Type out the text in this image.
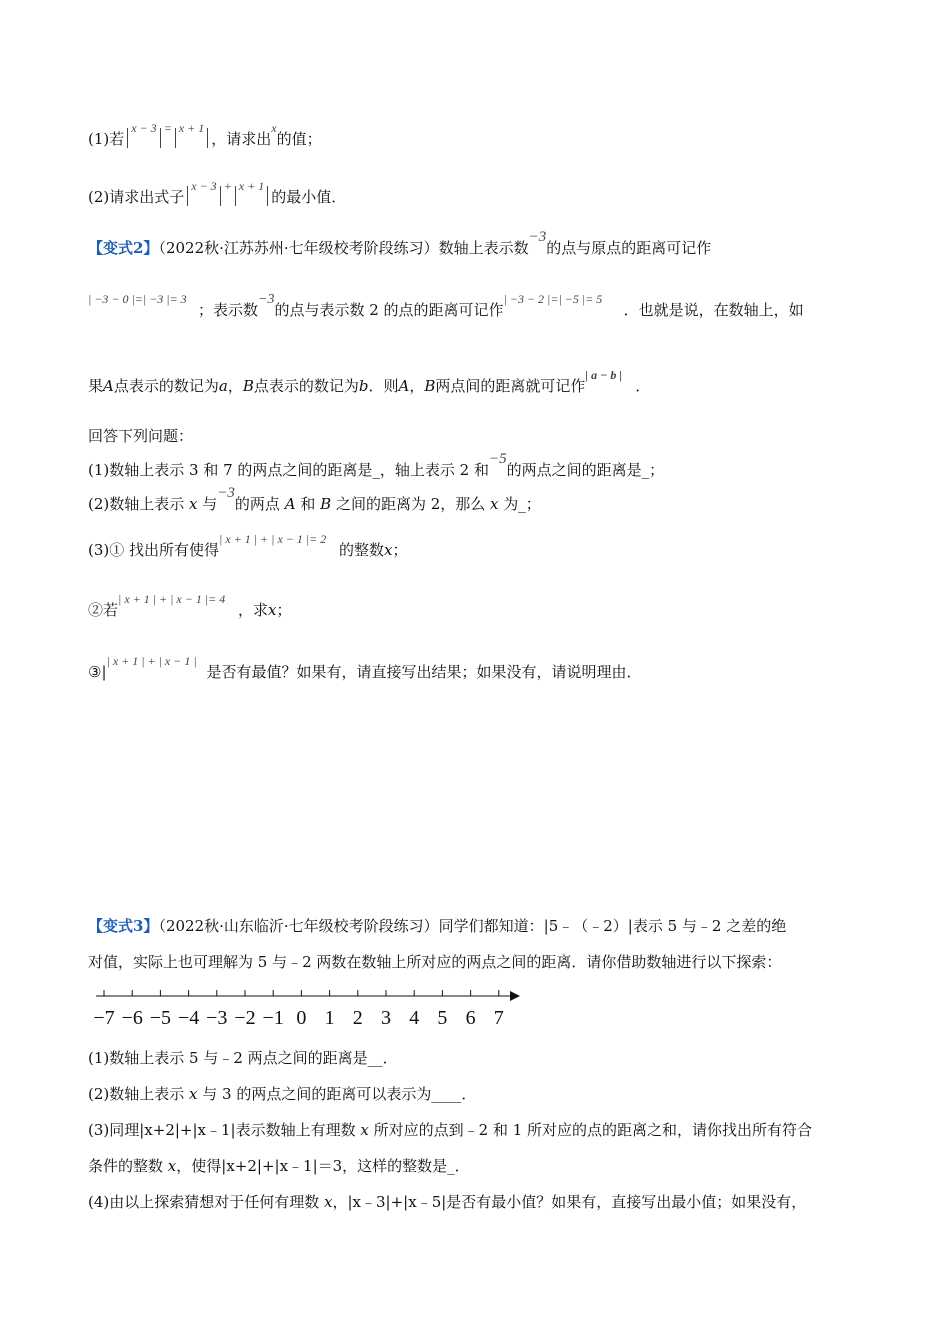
(1)若$^{x - 3}$ = $^{x + 1}$，请求出$^x$的值；
(2)请求出式子$^{x - 3}$ + $^{x + 1}$的最小值．
【变式2】（2022秋·江苏苏州·七年级校考阶段练习）数轴上表示数−3的点与原点的距离可记作
| −3 − 0 |=| −3 |= 3；表示数−3的点与表示数 2 的点的距离可记作| −3 − 2 |=| −5 |= 5．也就是说，在数轴上，如
果A点表示的数记为a，B点表示的数记为b．则A，B两点间的距离就可记作| a − b |．
回答下列问题：
(1)数轴上表示 3 和 7 的两点之间的距离是_，轴上表示 2 和−5的两点之间的距离是_；
(2)数轴上表示 x 与−3的两点 A 和 B 之间的距离为 2，那么 x 为_；
(3)① 找出所有使得| x + 1 | + | x − 1 |= 2的整数x；
②若| x + 1 | + | x − 1 |= 4，求x；
③|| x + 1 | + | x − 1 |是否有最值？如果有，请直接写出结果；如果没有，请说明理由．
【变式3】（2022秋·山东临沂·七年级校考阶段练习）同学们都知道：|5﹣（﹣2）|表示 5 与﹣2 之差的绝
对值，实际上也可理解为 5 与﹣2 两数在数轴上所对应的两点之间的距离．请你借助数轴进行以下探索：
−7 −6 −5 −4 −3 −2 −1 0 1 2 3 4 5 6 7
(1)数轴上表示 5 与﹣2 两点之间的距离是__．
(2)数轴上表示 x 与 3 的两点之间的距离可以表示为____．
(3)同理|x+2|+|x﹣1|表示数轴上有理数 x 所对应的点到﹣2 和 1 所对应的点的距离之和，请你找出所有符合
条件的整数 x，使得|x+2|+|x﹣1|＝3，这样的整数是_．
(4)由以上探索猜想对于任何有理数 x，|x﹣3|+|x﹣5|是否有最小值？如果有，直接写出最小值；如果没有，
